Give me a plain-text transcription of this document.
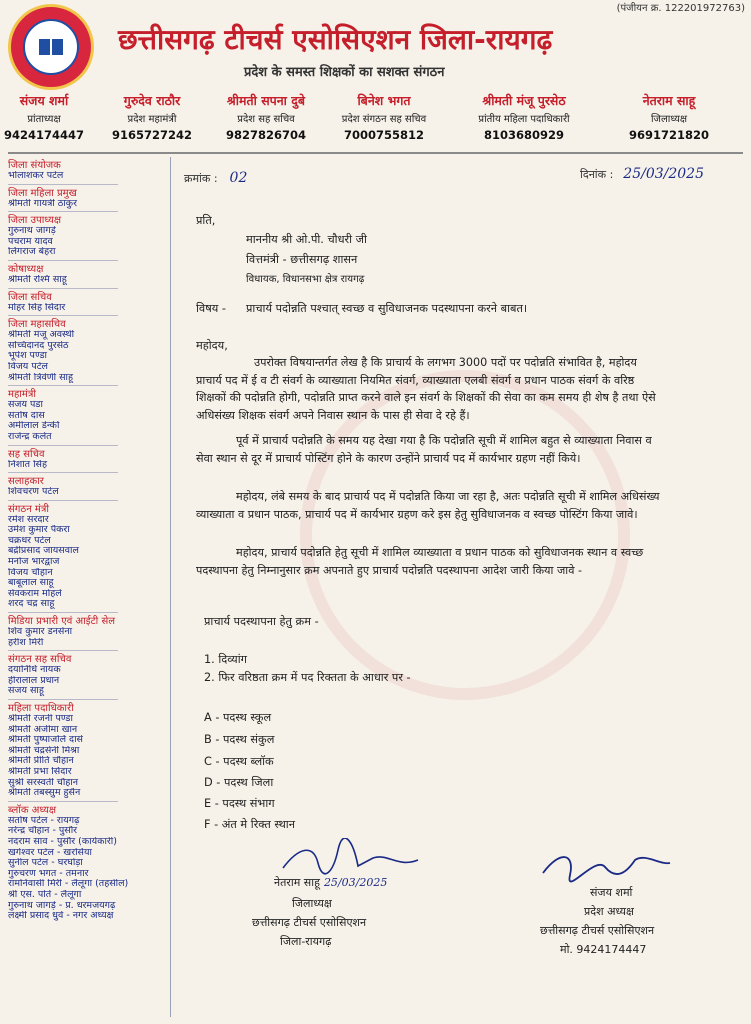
(पंजीयन क्र. 122201972763)
छत्तीसगढ़ टीचर्स एसोसिएशन जिला-रायगढ़
प्रदेश के समस्त शिक्षकों का सशक्त संगठन
संजय शर्मा
प्रांताध्यक्ष
9424174447
गुरुदेव राठौर
प्रदेश महामंत्री
9165727242
श्रीमती सपना दुबे
प्रदेश सह सचिव
9827826704
बिनेश भगत
प्रदेश संगठन सह सचिव
7000755812
श्रीमती मंजू पुरसेठ
प्रांतीय महिला पदाधिकारी
8103680929
नेतराम साहू
जिलाध्यक्ष
9691721820
जिला संयोजक
भोलाशंकर पटेल
जिला महिला प्रमुख
श्रीमती गायत्री ठाकुर
जिला उपाध्यक्ष
गुरुनाथ जांगड़े
पंचराम यादव
लिंगराज बेहरा
कोषाध्यक्ष
श्रीमती रश्मि साहू
जिला सचिव
मोहर सिंह सिदार
जिला महासचिव
श्रीमती मंजू अवस्थी
सच्चिदानंद पुरसेठ
भूपेश पण्डा
विजय पटेल
श्रीमती त्रिवेणी साहू
महामंत्री
संजय पंडा
संतोष दास
अमीलाल डेन्की
राजेन्द्र कलेत
सह सचिव
निशांत सिंह
सलाहकार
शिवचरण पटेल
संगठन मंत्री
रमेश सरदार
उमेश कुमार पैकरा
चक्रधर पटेल
बद्रीप्रसाद जायसवाल
मनोज भारद्वाज
विजय चौहान
बाबूलाल साहू
सेवकराम मोहले
शरद चंद्र साहू
मिडिया प्रभारी एवं आईटी सेल
शिव कुमार डनसेना
हरीश मिरी
संगठन सह सचिव
दयानिधि नायक
हीरालाल प्रधान
संजय साहू
महिला पदाधिकारी
श्रीमती रजनी पण्डा
श्रीमती अंजीमा खान
श्रीमती पुष्पांजलि दासे
श्रीमती चद्रसेनी मिश्रा
श्रीमती प्रीति चौहान
श्रीमती प्रभा सिदार
सुश्री सरस्वती चौहान
श्रीमती तबस्सुम हुसैन
ब्लॉक अध्यक्ष
संतोष पटेल - रायगढ़
नरेन्द्र चौहान - पुसौर
नंदराम साव - पुसौर (कार्यकारी)
खगेश्वर पटेल - खरसिया
सुनील पटेल - घरघोड़ा
गुरुचरण भगत - तमनार
रामनिवासी मिरी - लैलूंगा (तहसील)
श्री एस. पोर्ते - लैलूंगा
गुरुनाथ जांगड़े - प्र. धरमजयगढ़
लक्ष्मी प्रसाद धुर्वे - नगर अध्यक्ष
क्रमांक : 02	दिनांक : 25/03/2025
प्रति,
माननीय श्री ओ.पी. चौधरी जी
वित्तमंत्री - छत्तीसगढ़ शासन
विधायक, विधानसभा क्षेत्र रायगढ़
विषय - प्राचार्य पदोन्नति पश्चात् स्वच्छ व सुविधाजनक पदस्थापना करने बाबत।
महोदय,
उपरोक्त विषयान्तर्गत लेख है कि प्राचार्य के लगभग 3000 पदों पर पदोन्नति संभावित है, महोदय प्राचार्य पद में ई व टी संवर्ग के व्याख्याता नियमित संवर्ग, व्याख्याता एलबी संवर्ग व प्रधान पाठक संवर्ग के वरिष्ठ शिक्षकों की पदोन्नति होगी, पदोन्नति प्राप्त करने वाले इन संवर्ग के शिक्षकों की सेवा का कम समय ही शेष है तथा ऐसे अधिसंख्य शिक्षक संवर्ग अपने निवास स्थान के पास ही सेवा दे रहे हैं।
पूर्व में प्राचार्य पदोन्नति के समय यह देखा गया है कि पदोन्नति सूची में शामिल बहुत से व्याख्याता निवास व सेवा स्थान से दूर में प्राचार्य पोस्टिंग होने के कारण उन्होंने प्राचार्य पद में कार्यभार ग्रहण नहीं किये।
महोदय, लंबे समय के बाद प्राचार्य पद में पदोन्नति किया जा रहा है, अतः पदोन्नति सूची में शामिल अधिसंख्य व्याख्याता व प्रधान पाठक, प्राचार्य पद में कार्यभार ग्रहण करे इस हेतु सुविधाजनक व स्वच्छ पोस्टिंग किया जावे।
महोदय, प्राचार्य पदोन्नति हेतु सूची में शामिल व्याख्याता व प्रधान पाठक को सुविधाजनक स्थान व स्वच्छ पदस्थापना हेतु निम्नानुसार क्रम अपनाते हुए प्राचार्य पदोन्नति पदस्थापना आदेश जारी किया जावे -
प्राचार्य पदस्थापना हेतु क्रम -
1. दिव्यांग
2. फिर वरिष्ठता क्रम में पद रिक्तता के आधार पर -
A - पदस्थ स्कूल
B - पदस्थ संकुल
C - पदस्थ ब्लॉक
D - पदस्थ जिला
E - पदस्थ संभाग
F - अंत मे रिक्त स्थान
नेतराम साहू 25/03/2025
जिलाध्यक्ष
छत्तीसगढ़ टीचर्स एसोसिएशन
जिला-रायगढ़
संजय शर्मा
प्रदेश अध्यक्ष
छत्तीसगढ़ टीचर्स एसोसिएशन
मो. 9424174447
